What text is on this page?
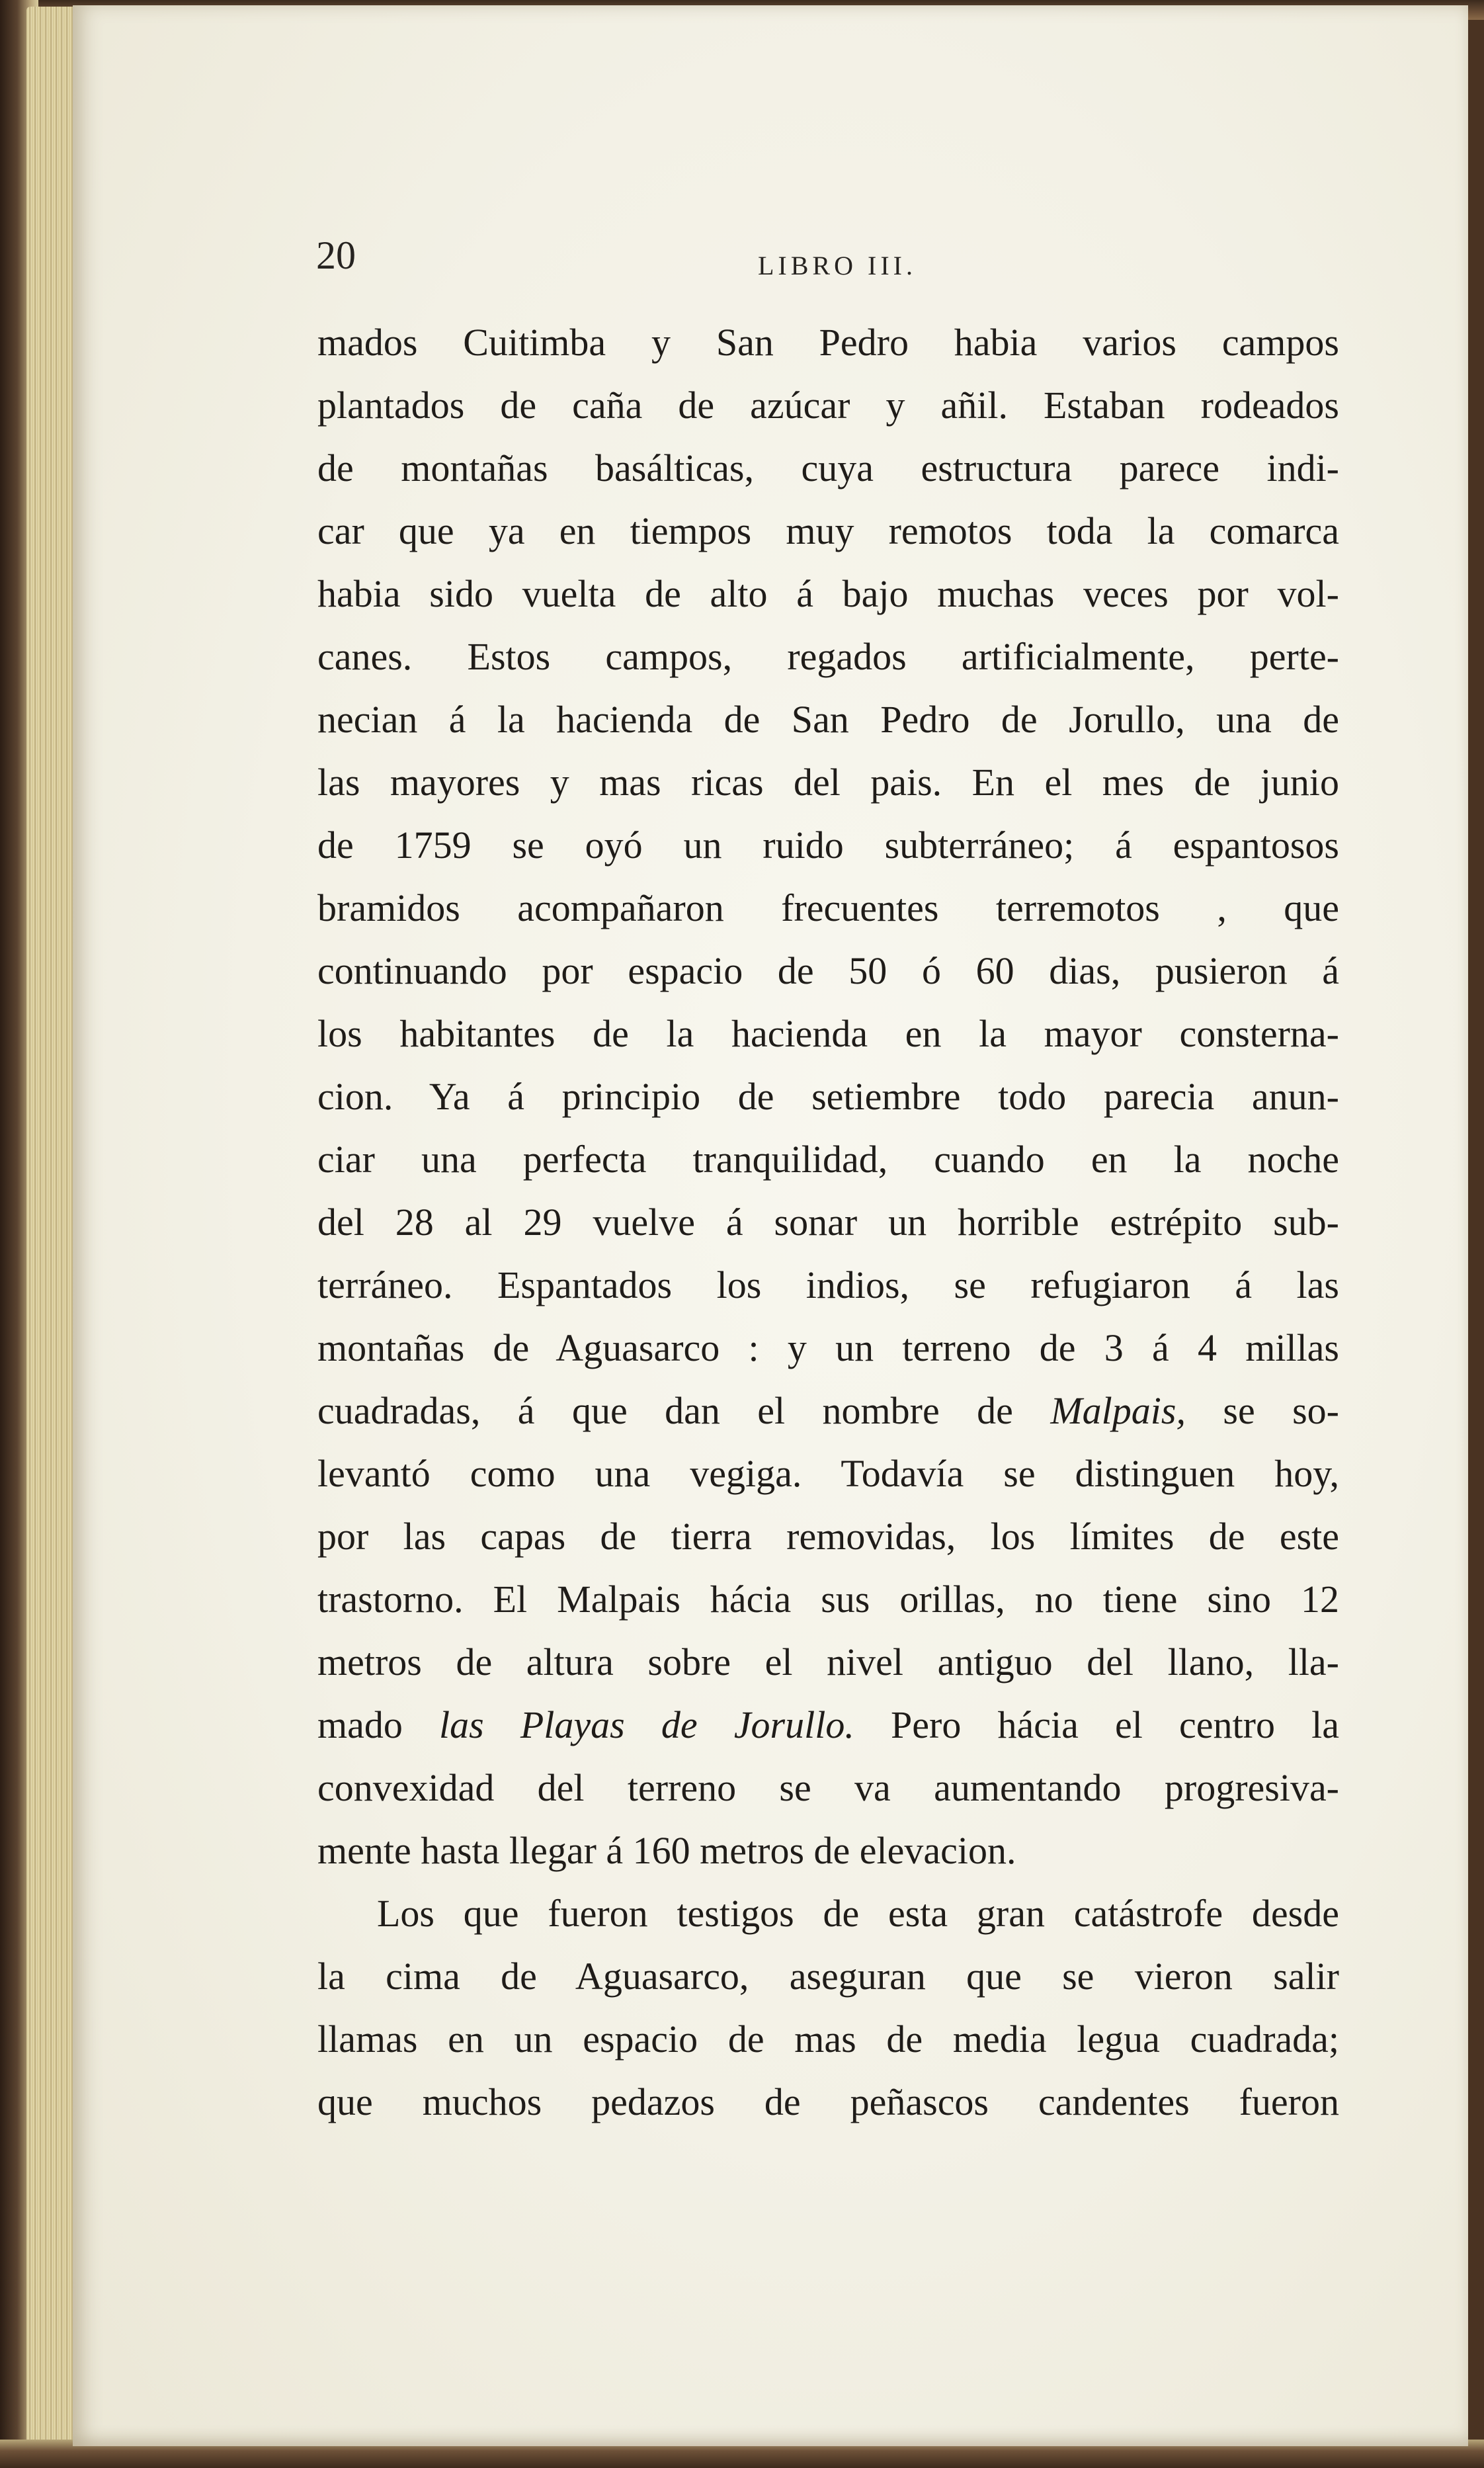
20	LIBRO III.
mados Cuitimba y San Pedro habia varios campos
plantados de caña de azúcar y añil. Estaban rodeados
de montañas basálticas, cuya estructura parece indi-
car que ya en tiempos muy remotos toda la comarca
habia sido vuelta de alto á bajo muchas veces por vol-
canes. Estos campos, regados artificialmente, perte-
necian á la hacienda de San Pedro de Jorullo, una de
las mayores y mas ricas del pais. En el mes de junio
de 1759 se oyó un ruido subterráneo; á espantosos
bramidos acompañaron frecuentes terremotos , que
continuando por espacio de 50 ó 60 dias, pusieron á
los habitantes de la hacienda en la mayor consterna-
cion. Ya á principio de setiembre todo parecia anun-
ciar una perfecta tranquilidad, cuando en la noche
del 28 al 29 vuelve á sonar un horrible estrépito sub-
terráneo. Espantados los indios, se refugiaron á las
montañas de Aguasarco : y un terreno de 3 á 4 millas
cuadradas, á que dan el nombre de Malpais, se so-
levantó como una vegiga. Todavía se distinguen hoy,
por las capas de tierra removidas, los límites de este
trastorno. El Malpais hácia sus orillas, no tiene sino 12
metros de altura sobre el nivel antiguo del llano, lla-
mado las Playas de Jorullo. Pero hácia el centro la
convexidad del terreno se va aumentando progresiva-
mente hasta llegar á 160 metros de elevacion.
Los que fueron testigos de esta gran catástrofe desde
la cima de Aguasarco, aseguran que se vieron salir
llamas en un espacio de mas de media legua cuadrada;
que muchos pedazos de peñascos candentes fueron
